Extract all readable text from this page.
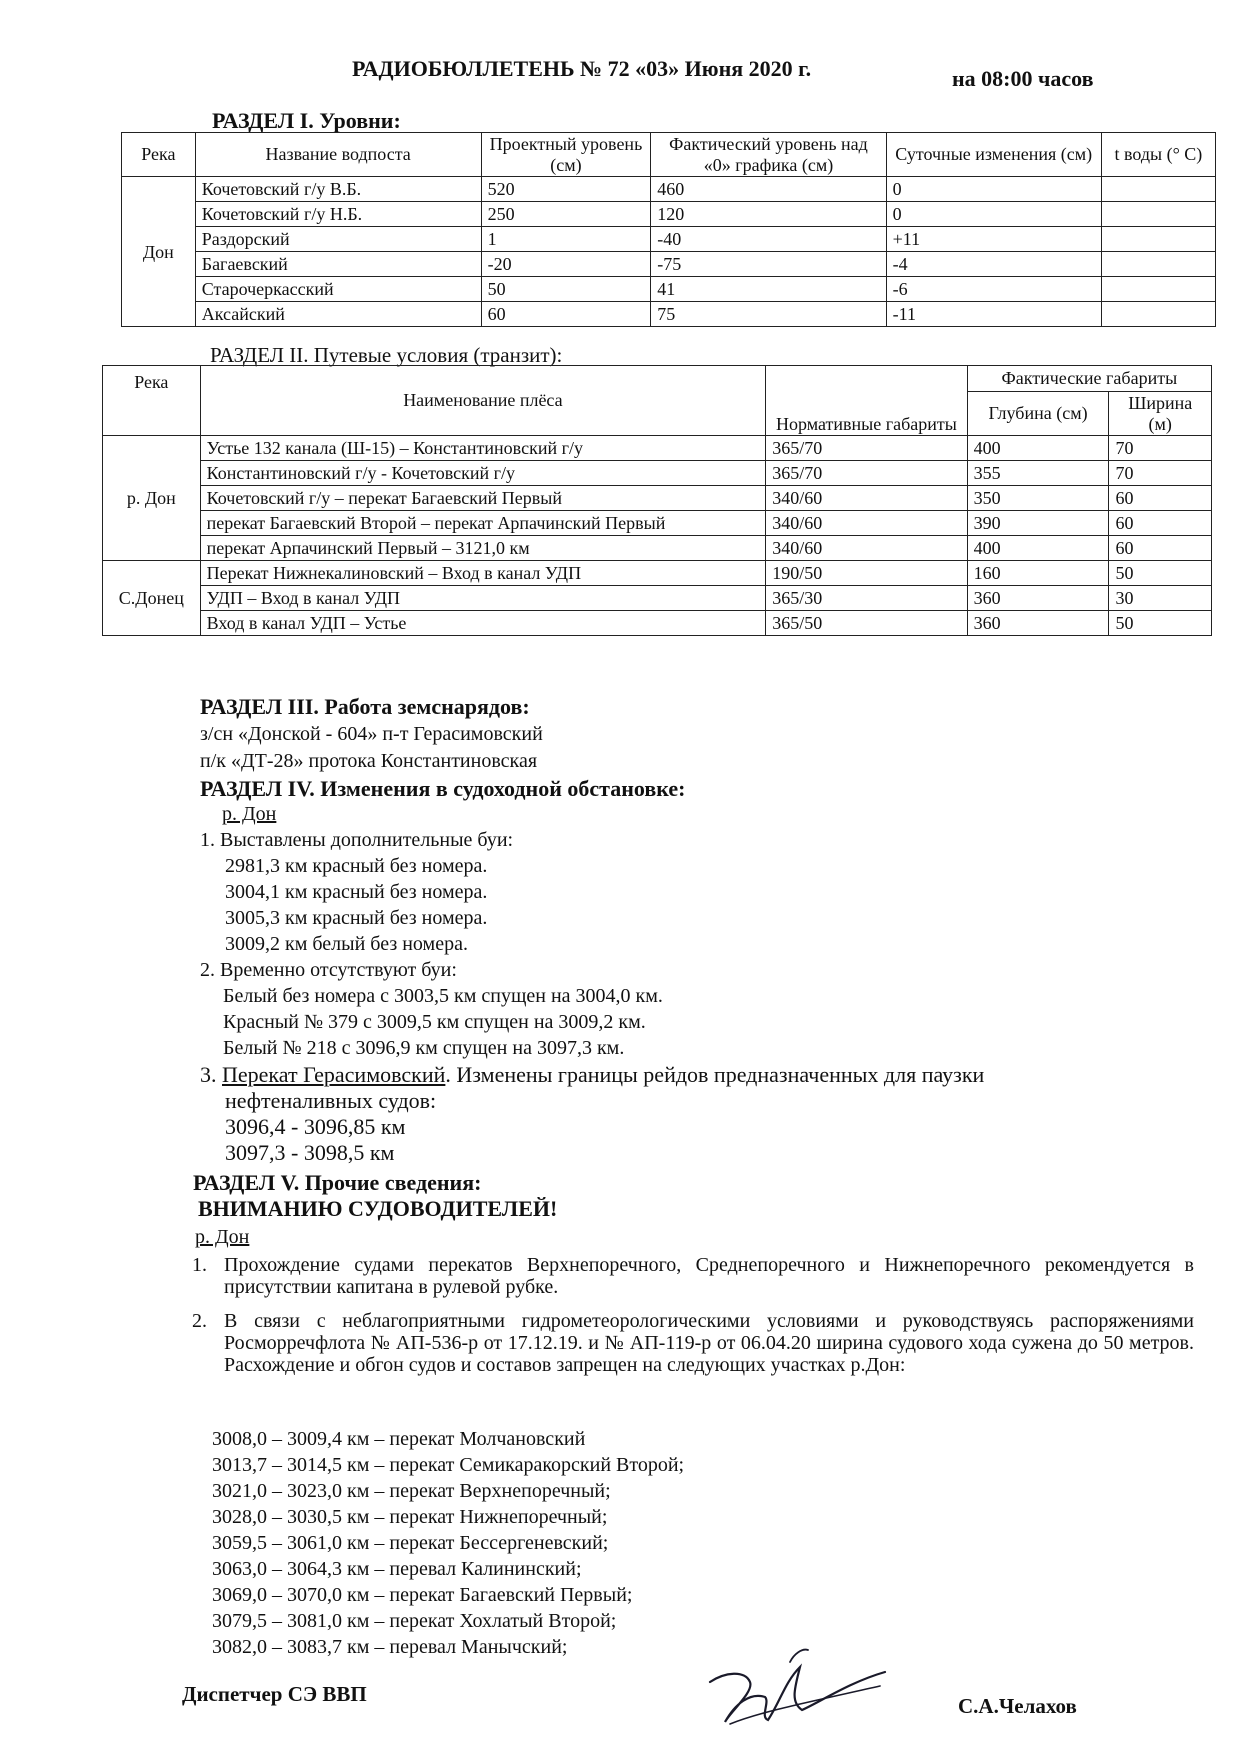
РАДИОБЮЛЛЕТЕНЬ № 72 «03» Июня 2020 г.	на 08:00 часов
РАЗДЕЛ I. Уровни:
Река	Название водпоста	Проектный уровень (см)	Фактический уровень над «0» графика (см)	Суточные изменения (см)	t воды (° С)
Дон	Кочетовский г/у В.Б.	520	460	0	
	Кочетовский г/у Н.Б.	250	120	0	
	Раздорский	1	-40	+11	
	Багаевский	-20	-75	-4	
	Старочеркасский	50	41	-6	
	Аксайский	60	75	-11	
РАЗДЕЛ II. Путевые условия (транзит):
Река	Наименование плёса	Нормативные габариты	Фактические габариты	
			Глубина (см)	Ширина (м)
р. Дон	Устье 132 канала (Ш-15) – Константиновский г/у	365/70	400	70
	Константиновский г/у - Кочетовский г/у	365/70	355	70
	Кочетовский г/у – перекат Багаевский Первый	340/60	350	60
	перекат Багаевский Второй – перекат Арпачинский Первый	340/60	390	60
	перекат Арпачинский Первый – 3121,0 км	340/60	400	60
С.Донец	Перекат Нижнекалиновский – Вход в канал УДП	190/50	160	50
	УДП – Вход в канал УДП	365/30	360	30
	Вход в канал УДП – Устье	365/50	360	50
РАЗДЕЛ III. Работа земснарядов:
з/сн «Донской - 604» п-т Герасимовский
п/к «ДТ-28» протока Константиновская
РАЗДЕЛ IV. Изменения в судоходной обстановке:
р. Дон
1. Выставлены дополнительные буи:
2981,3 км красный без номера.
3004,1 км красный без номера.
3005,3 км красный без номера.
3009,2 км белый без номера.
2. Временно отсутствуют буи:
Белый без номера с 3003,5 км спущен на 3004,0 км.
Красный № 379 с 3009,5 км спущен на 3009,2 км.
Белый № 218 с 3096,9 км спущен на 3097,3 км.
3. Перекат Герасимовский. Изменены границы рейдов предназначенных для паузки
нефтеналивных судов:
3096,4 - 3096,85 км
3097,3 - 3098,5 км
РАЗДЕЛ V. Прочие сведения:
ВНИМАНИЮ СУДОВОДИТЕЛЕЙ!
р. Дон
1. Прохождение судами перекатов Верхнепоречного, Среднепоречного и Нижнепоречного рекомендуется в присутствии капитана в рулевой рубке.
2. В связи с неблагоприятными гидрометеорологическими условиями и руководствуясь распоряжениями Росморречфлота № АП-536-р от 17.12.19. и № АП-119-р от 06.04.20 ширина судового хода сужена до 50 метров. Расхождение и обгон судов и составов запрещен на следующих участках р.Дон:
3008,0 – 3009,4 км – перекат Молчановский
3013,7 – 3014,5 км – перекат Семикаракорский Второй;
3021,0 – 3023,0 км – перекат Верхнепоречный;
3028,0 – 3030,5 км – перекат Нижнепоречный;
3059,5 – 3061,0 км – перекат Бессергеневский;
3063,0 – 3064,3 км – перевал Калининский;
3069,0 – 3070,0 км – перекат Багаевский Первый;
3079,5 – 3081,0 км – перекат Хохлатый Второй;
3082,0 – 3083,7 км – перевал Манычский;
Диспетчер СЭ ВВП	С.А.Челахов
